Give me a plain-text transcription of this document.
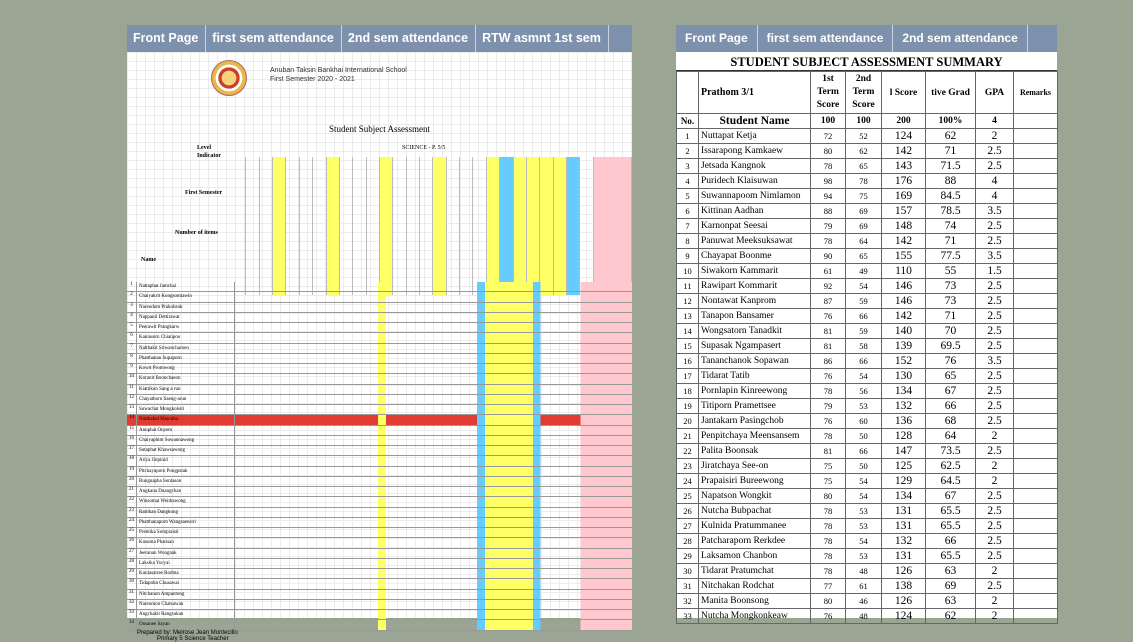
Front Page	first sem attendance	2nd sem attendance	RTW asmnt 1st sem
Anuban Taksin Bankhai International School
First Semester 2020 - 2021
Student Subject Assessment
Level	SCIENCE - P. 5/5
Indicator
First Semester
Number of items
Name
1	Nattaphat Jamchai
2	Chaiyakrit Kongsomtawin
3	Nareudom Prakobsuk
4	Nappanil Dettirawat
5	Peerawit Prangkarw
6	Kaniasorn Chianpoo
7	Natthakit Sriwancharoen
8	Phatthanan Supaporn
9	Kowit Promwong
10	Koranit Boonchaeon
11	Kiattikun Sang a run
12	Chayathorn Saeng-arun
13	Suwachat Mongkolsiri
14	Nutthakul Mayotha
15	Anuphat Onyem
16	Chaiyaphim Suwannawong
17	Sutaphat Khawsawong
18	Ariya Jinpinid
19	Pitchayaporn Pongpstak
20	Rungnapha Sontason
21	Angkana Duangchan
22	Winsomat Weithawong
23	Rattikan Dangkong
24	Phatthanaporn Wangsaensiri
25	Premika Sompraisit
26	Kusuma Phatisan
27	Jeeranan Wongnak
28	Laksika Yucyai
29	Kunlasatree Rodma
30	Tidapohn Chusawai
31	Nitchanon Ampantong
32	Nareumon Chatsawan
33	Angchakit Rangsukan
34	Onsanee Sayan
Prepared by: Melrose Jean Montecillo
Primary 5 Science Teacher
Front Page	first sem attendance	2nd sem attendance
STUDENT SUBJECT ASSESSMENT SUMMARY
	Prathom 3/1	1st Term Score	2nd Term Score	l Score	tive Grad	GPA	Remarks
No.	Student Name	100	100	200	100%	4	
1	Nuttapat Ketja	72	52	124	62	2	
2	Issarapong Kamkaew	80	62	142	71	2.5	
3	Jetsada Kangnok	78	65	143	71.5	2.5	
4	Puridech Klaisuwan	98	78	176	88	4	
5	Suwannapoom Nimlamon	94	75	169	84.5	4	
6	Kittinan Aadhan	88	69	157	78.5	3.5	
7	Karnonpat Seesai	79	69	148	74	2.5	
8	Panuwat Meeksuksawat	78	64	142	71	2.5	
9	Chayapat Boonme	90	65	155	77.5	3.5	
10	Siwakorn Kammarit	61	49	110	55	1.5	
11	Rawipart Kommarit	92	54	146	73	2.5	
12	Nontawat Kanprom	87	59	146	73	2.5	
13	Tanapon Bansamer	76	66	142	71	2.5	
14	Wongsatorn Tanadkit	81	59	140	70	2.5	
15	Supasak Ngampasert	81	58	139	69.5	2.5	
16	Tananchanok Sopawan	86	66	152	76	3.5	
17	Tidarat Tatib	76	54	130	65	2.5	
18	Pornlapin Kinreewong	78	56	134	67	2.5	
19	Titiporn Pramettsee	79	53	132	66	2.5	
20	Jantakarn Pasingchob	76	60	136	68	2.5	
21	Penpitchaya Meensansem	78	50	128	64	2	
22	Palita Boonsak	81	66	147	73.5	2.5	
23	Jiratchaya See-on	75	50	125	62.5	2	
24	Prapaisiri Bureewong	75	54	129	64.5	2	
25	Napatson Wongkit	80	54	134	67	2.5	
26	Nutcha Bubpachat	78	53	131	65.5	2.5	
27	Kulnida Pratummanee	78	53	131	65.5	2.5	
28	Patcharaporn Rerkdee	78	54	132	66	2.5	
29	Laksamon Chanbon	78	53	131	65.5	2.5	
30	Tidarat Pratumchat	78	48	126	63	2	
31	Nitchakan Rodchat	77	61	138	69	2.5	
32	Manita Boonsong	80	46	126	63	2	
33	Nutcha Mongkonkeaw	76	48	124	62	2	
